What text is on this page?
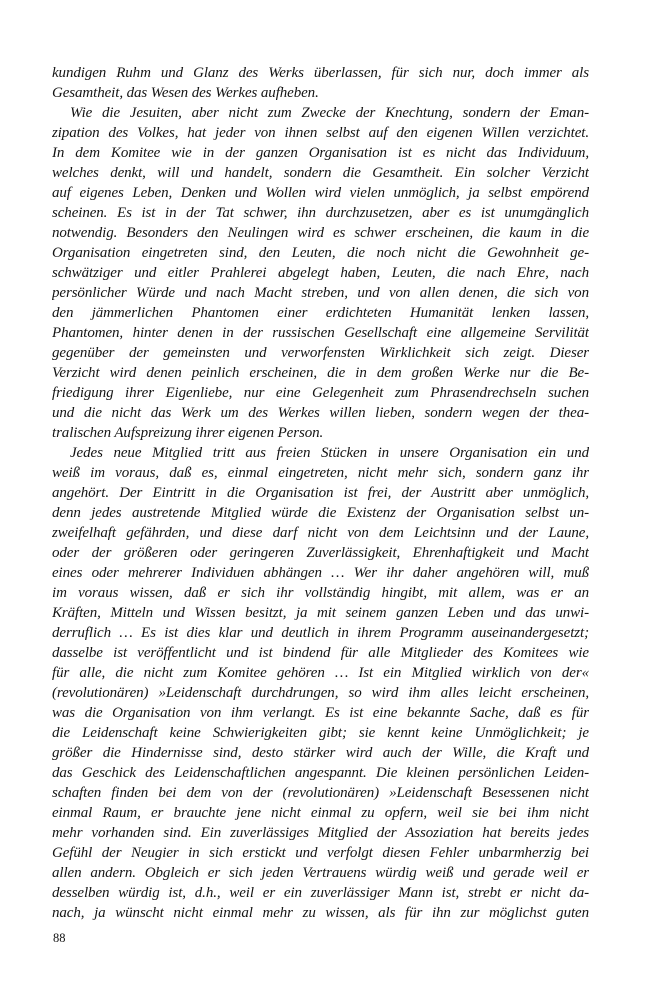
kundigen Ruhm und Glanz des Werks überlassen, für sich nur, doch immer als
Gesamtheit, das Wesen des Werkes aufheben.
Wie die Jesuiten, aber nicht zum Zwecke der Knechtung, sondern der Eman-
zipation des Volkes, hat jeder von ihnen selbst auf den eigenen Willen verzichtet.
In dem Komitee wie in der ganzen Organisation ist es nicht das Individuum,
welches denkt, will und handelt, sondern die Gesamtheit. Ein solcher Verzicht
auf eigenes Leben, Denken und Wollen wird vielen unmöglich, ja selbst empörend
scheinen. Es ist in der Tat schwer, ihn durchzusetzen, aber es ist unumgänglich
notwendig. Besonders den Neulingen wird es schwer erscheinen, die kaum in die
Organisation eingetreten sind, den Leuten, die noch nicht die Gewohnheit ge-
schwätziger und eitler Prahlerei abgelegt haben, Leuten, die nach Ehre, nach
persönlicher Würde und nach Macht streben, und von allen denen, die sich von
den jämmerlichen Phantomen einer erdichteten Humanität lenken lassen,
Phantomen, hinter denen in der russischen Gesellschaft eine allgemeine Servilität
gegenüber der gemeinsten und verworfensten Wirklichkeit sich zeigt. Dieser
Verzicht wird denen peinlich erscheinen, die in dem großen Werke nur die Be-
friedigung ihrer Eigenliebe, nur eine Gelegenheit zum Phrasendrechseln suchen
und die nicht das Werk um des Werkes willen lieben, sondern wegen der thea-
tralischen Aufspreizung ihrer eigenen Person.
Jedes neue Mitglied tritt aus freien Stücken in unsere Organisation ein und
weiß im voraus, daß es, einmal eingetreten, nicht mehr sich, sondern ganz ihr
angehört. Der Eintritt in die Organisation ist frei, der Austritt aber unmöglich,
denn jedes austretende Mitglied würde die Existenz der Organisation selbst un-
zweifelhaft gefährden, und diese darf nicht von dem Leichtsinn und der Laune,
oder der größeren oder geringeren Zuverlässigkeit, Ehrenhaftigkeit und Macht
eines oder mehrerer Individuen abhängen … Wer ihr daher angehören will, muß
im voraus wissen, daß er sich ihr vollständig hingibt, mit allem, was er an
Kräften, Mitteln und Wissen besitzt, ja mit seinem ganzen Leben und das unwi-
derruflich … Es ist dies klar und deutlich in ihrem Programm auseinandergesetzt;
dasselbe ist veröffentlicht und ist bindend für alle Mitglieder des Komitees wie
für alle, die nicht zum Komitee gehören … Ist ein Mitglied wirklich von der«
(revolutionären) »Leidenschaft durchdrungen, so wird ihm alles leicht erscheinen,
was die Organisation von ihm verlangt. Es ist eine bekannte Sache, daß es für
die Leidenschaft keine Schwierigkeiten gibt; sie kennt keine Unmöglichkeit; je
größer die Hindernisse sind, desto stärker wird auch der Wille, die Kraft und
das Geschick des Leidenschaftlichen angespannt. Die kleinen persönlichen Leiden-
schaften finden bei dem von der (revolutionären) »Leidenschaft Besessenen nicht
einmal Raum, er brauchte jene nicht einmal zu opfern, weil sie bei ihm nicht
mehr vorhanden sind. Ein zuverlässiges Mitglied der Assoziation hat bereits jedes
Gefühl der Neugier in sich erstickt und verfolgt diesen Fehler unbarmherzig bei
allen andern. Obgleich er sich jeden Vertrauens würdig weiß und gerade weil er
desselben würdig ist, d.h., weil er ein zuverlässiger Mann ist, strebt er nicht da-
nach, ja wünscht nicht einmal mehr zu wissen, als für ihn zur möglichst guten
88
